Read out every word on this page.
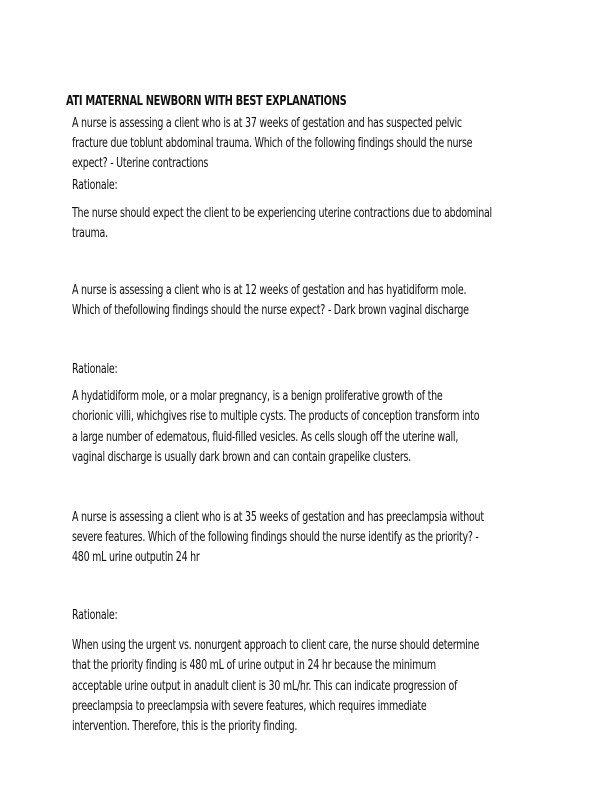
ATI MATERNAL NEWBORN WITH BEST EXPLANATIONS
A nurse is assessing a client who is at 37 weeks of gestation and has suspected pelvic
fracture due toblunt abdominal trauma. Which of the following findings should the nurse
expect? - Uterine contractions
Rationale:
The nurse should expect the client to be experiencing uterine contractions due to abdominal
trauma.
A nurse is assessing a client who is at 12 weeks of gestation and has hyatidiform mole.
Which of thefollowing findings should the nurse expect? - Dark brown vaginal discharge
Rationale:
A hydatidiform mole, or a molar pregnancy, is a benign proliferative growth of the
chorionic villi, whichgives rise to multiple cysts. The products of conception transform into
a large number of edematous, fluid-filled vesicles. As cells slough off the uterine wall,
vaginal discharge is usually dark brown and can contain grapelike clusters.
A nurse is assessing a client who is at 35 weeks of gestation and has preeclampsia without
severe features. Which of the following findings should the nurse identify as the priority? -
480 mL urine outputin 24 hr
Rationale:
When using the urgent vs. nonurgent approach to client care, the nurse should determine
that the priority finding is 480 mL of urine output in 24 hr because the minimum
acceptable urine output in anadult client is 30 mL/hr. This can indicate progression of
preeclampsia to preeclampsia with severe features, which requires immediate
intervention. Therefore, this is the priority finding.
